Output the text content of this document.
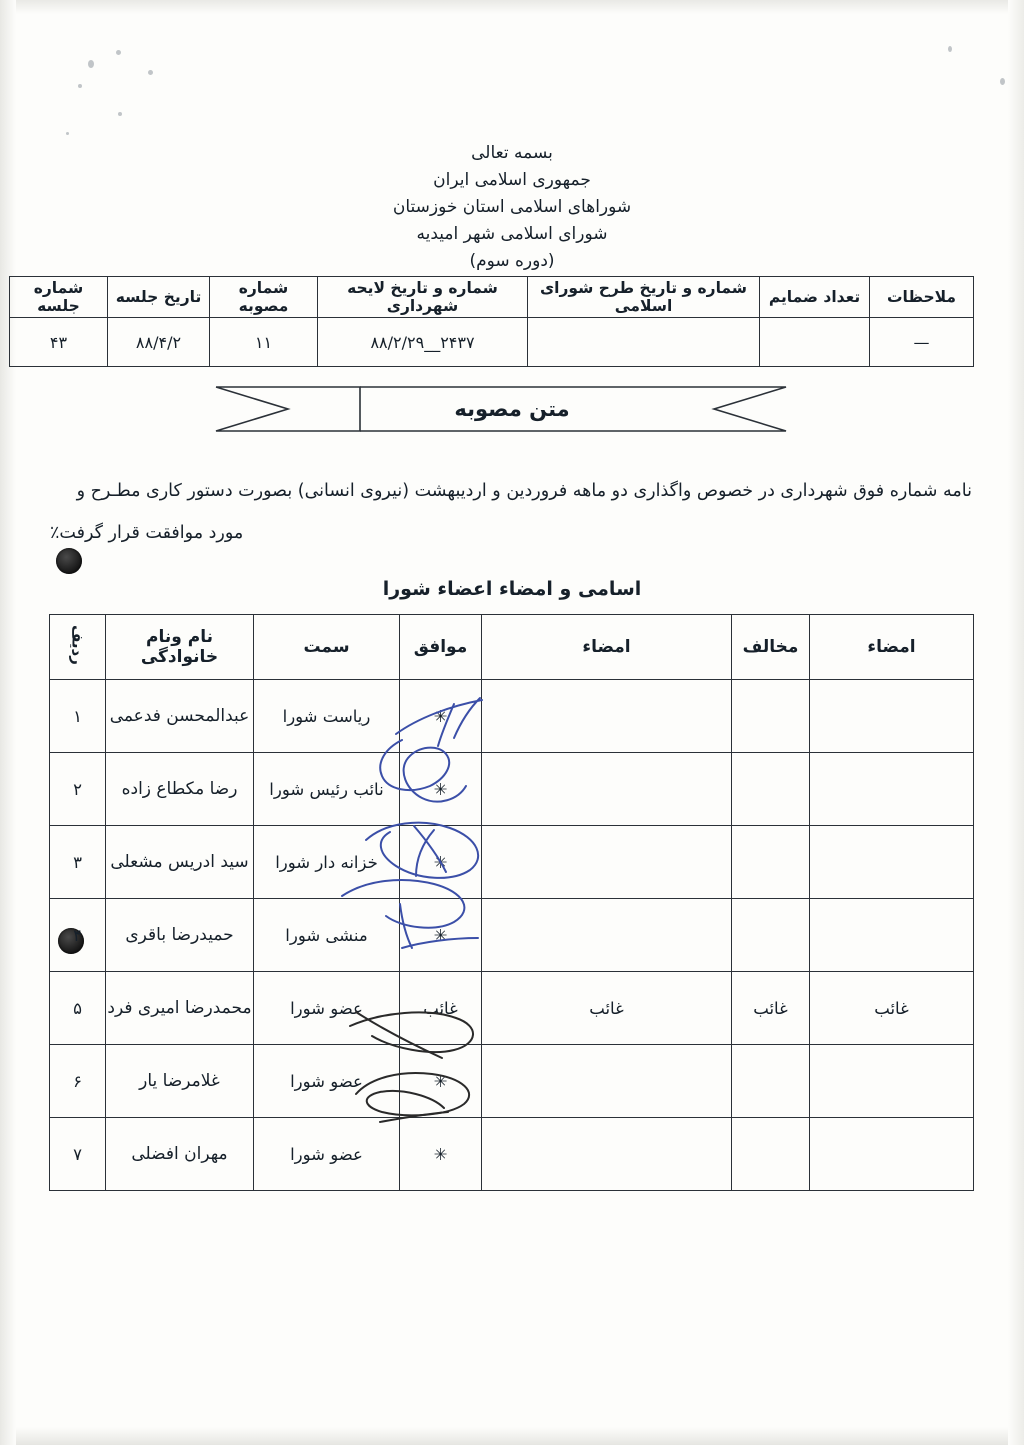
بسمه تعالی
جمهوری اسلامی ایران
شوراهای اسلامی استان خوزستان
شورای اسلامی شهر امیدیه
(دوره سوم)
ملاحظات	تعداد ضمایم	شماره و تاریخ طرح شورای اسلامی	شماره و تاریخ لایحه شهرداری	شماره مصوبه	تاریخ جلسه	شماره جلسه
—			۲۴۳۷__۸۸/۲/۲۹	۱۱	۸۸/۴/۲	۴۳
متن مصوبه
نامه شماره فوق شهرداری در خصوص واگذاری دو ماهه فروردین و اردیبهشت (نیروی انسانی) بصورت دستور کاری مطـرح و
مورد موافقت قرار گرفت٪
اسامی و امضاء اعضاء شورا
امضاء	مخالف	امضاء	موافق	سمت	نام ونام خانوادگی	ردیف
			✳	ریاست شورا	عبدالمحسن فدعمی	۱
			✳	نائب رئیس شورا	رضا مکطاع زاده	۲
			✳	خزانه دار شورا	سید ادریس مشعلی	۳
			✳	منشی شورا	حمیدرضا باقری	۴
غائب	غائب	غائب	غائب	عضو شورا	محمدرضا امیری فرد	۵
			✳	عضو شورا	غلامرضا یار	۶
			✳	عضو شورا	مهران افضلی	۷
